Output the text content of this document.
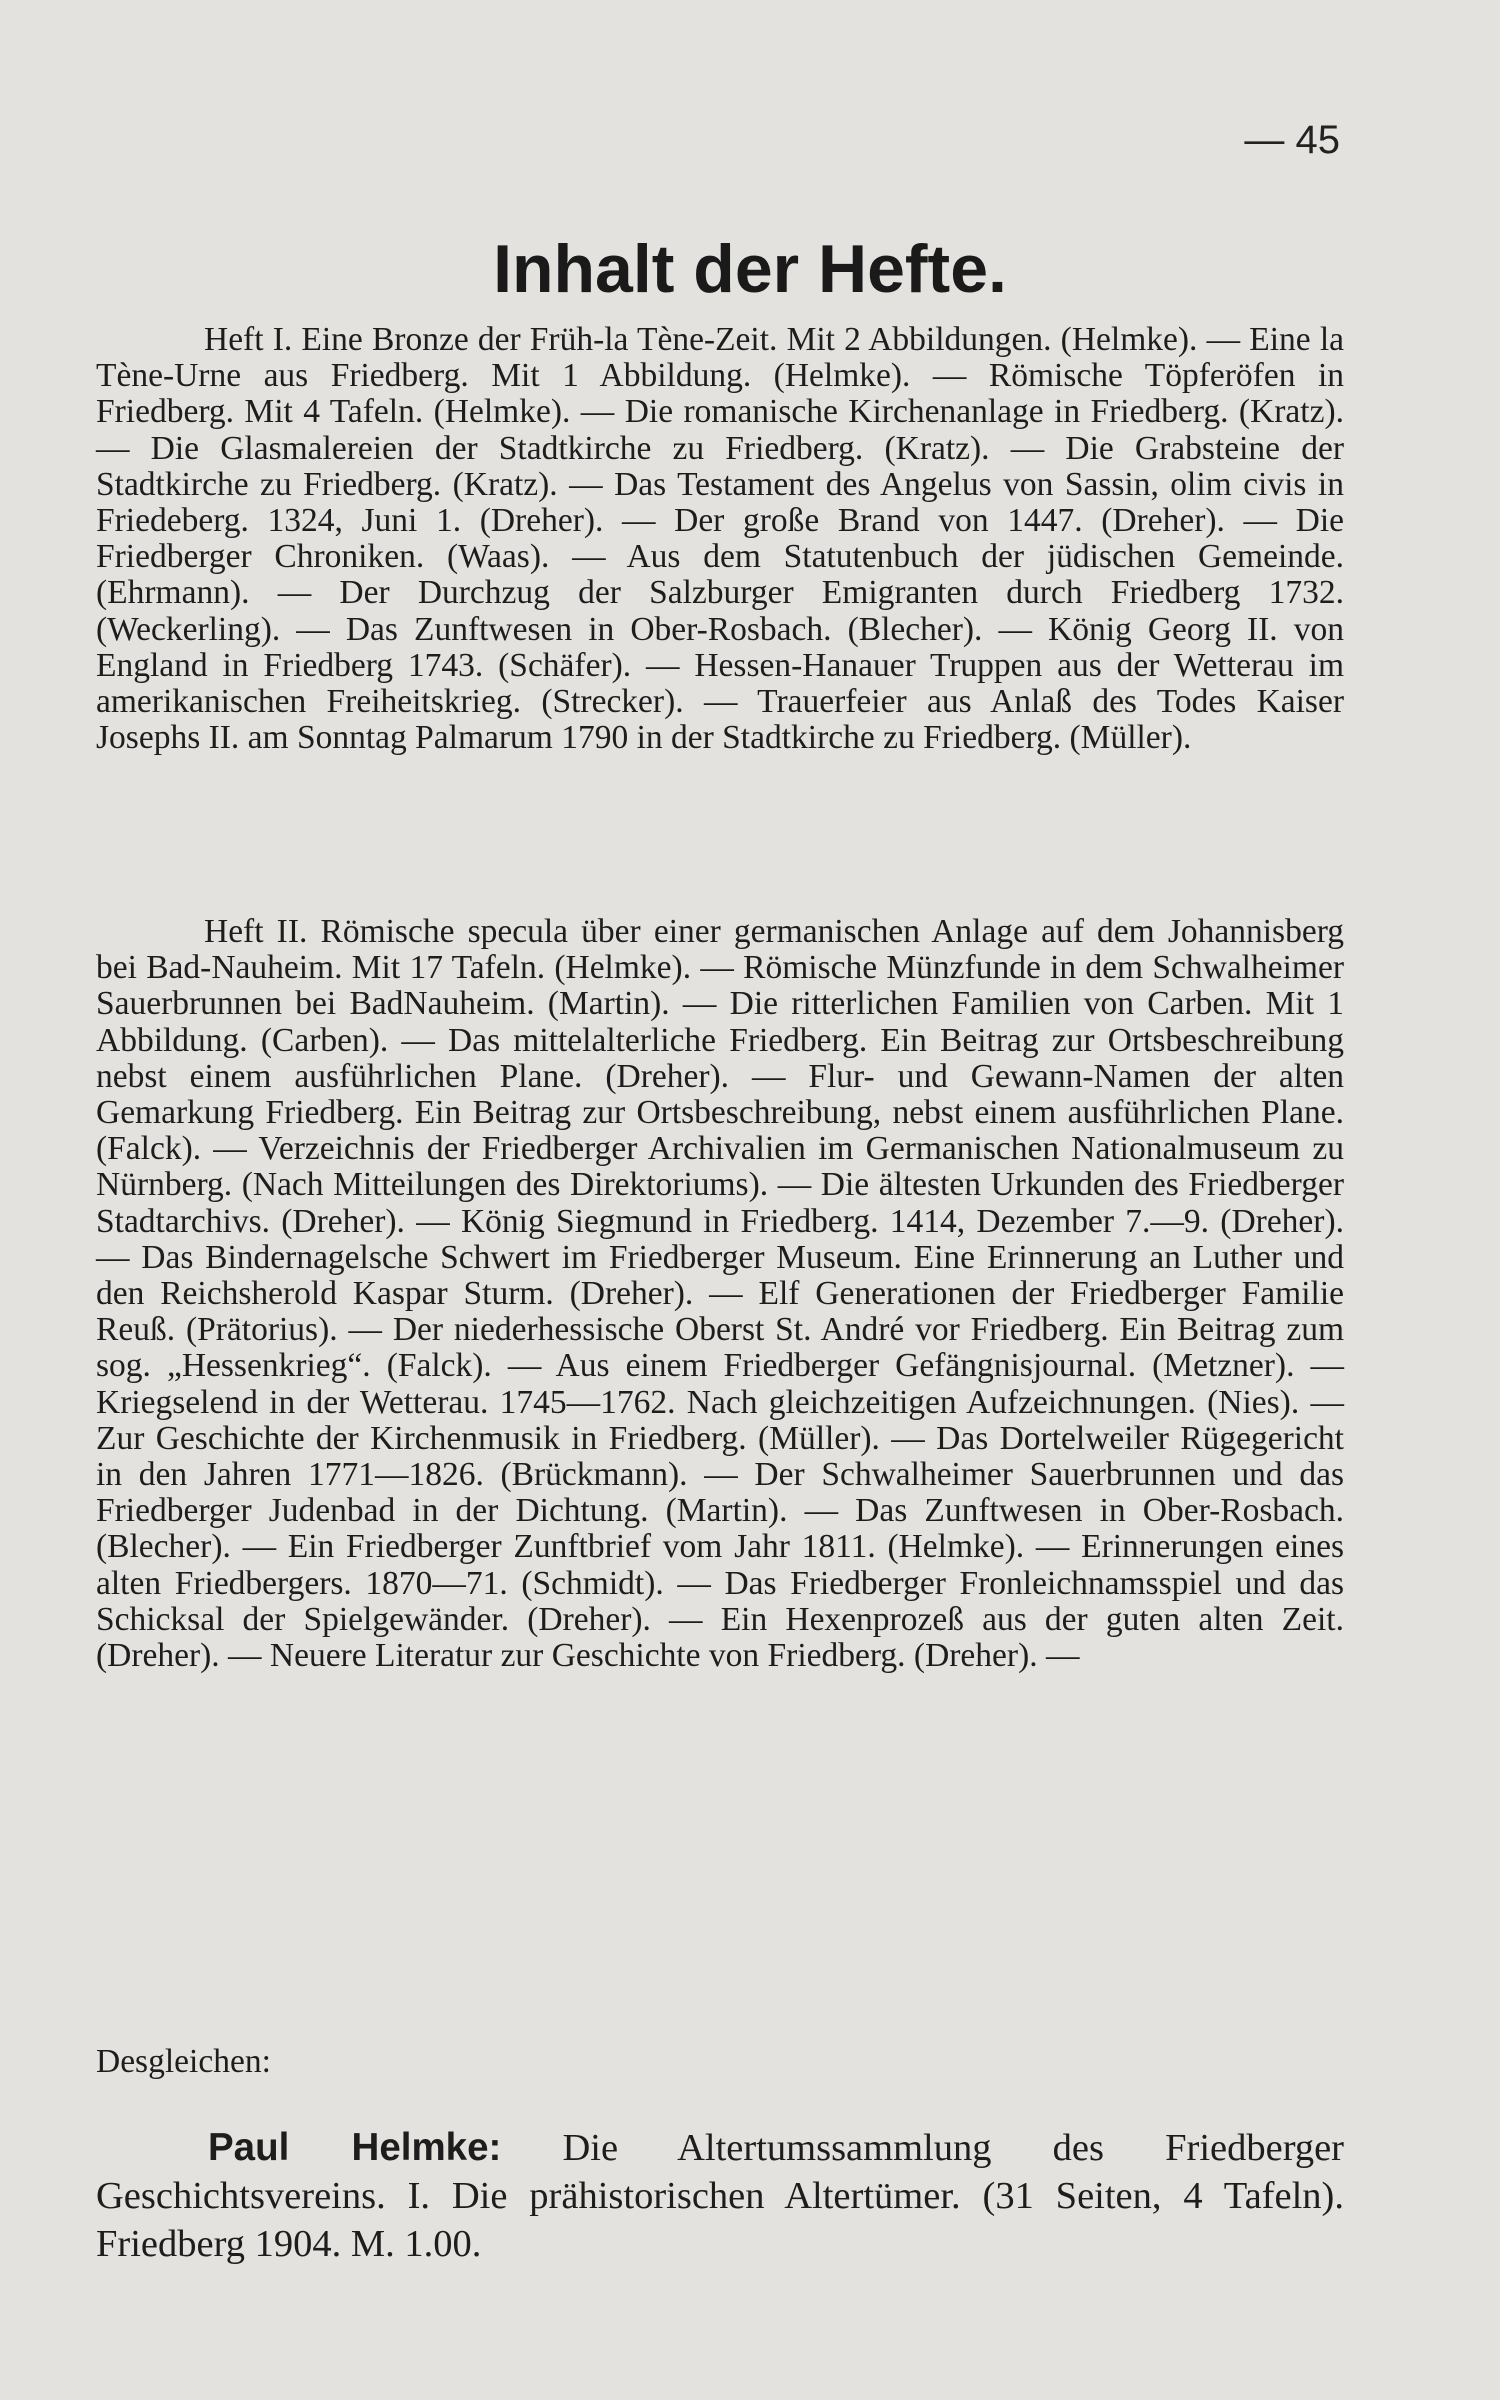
— 45
Inhalt der Hefte.

Heft I. Eine Bronze der Früh-la Tène-Zeit. Mit 2 Abbildungen. (Helmke). — Eine la Tène-Urne aus Friedberg. Mit 1 Abbildung. (Helmke). — Römische Töpferöfen in Friedberg. Mit 4 Tafeln. (Helmke). — Die romanische Kirchenanlage in Friedberg. (Kratz). — Die Glasmalereien der Stadtkirche zu Friedberg. (Kratz). — Die Grabsteine der Stadtkirche zu Friedberg. (Kratz). — Das Testament des Angelus von Sassin, olim civis in Friedeberg. 1324, Juni 1. (Dreher). — Der große Brand von 1447. (Dreher). — Die Friedberger Chroniken. (Waas). — Aus dem Statutenbuch der jüdischen Gemeinde. (Ehrmann). — Der Durchzug der Salzburger Emigranten durch Friedberg 1732. (Weckerling). — Das Zunftwesen in Ober-Rosbach. (Blecher). — König Georg II. von England in Friedberg 1743. (Schäfer). — Hessen-Hanauer Truppen aus der Wetterau im amerikanischen Freiheitskrieg. (Strecker). — Trauerfeier aus Anlaß des Todes Kaiser Josephs II. am Sonntag Palmarum 1790 in der Stadtkirche zu Friedberg. (Müller).

Heft II. Römische specula über einer germanischen Anlage auf dem Johannisberg bei Bad-Nauheim. Mit 17 Tafeln. (Helmke). — Römische Münzfunde in dem Schwalheimer Sauerbrunnen bei BadNauheim. (Martin). — Die ritterlichen Familien von Carben. Mit 1 Abbildung. (Carben). — Das mittelalterliche Friedberg. Ein Beitrag zur Ortsbeschreibung nebst einem ausführlichen Plane. (Dreher). — Flur- und Gewann-Namen der alten Gemarkung Friedberg. Ein Beitrag zur Ortsbeschreibung, nebst einem ausführlichen Plane. (Falck). — Verzeichnis der Friedberger Archivalien im Germanischen Nationalmuseum zu Nürnberg. (Nach Mitteilungen des Direktoriums). — Die ältesten Urkunden des Friedberger Stadtarchivs. (Dreher). — König Siegmund in Friedberg. 1414, Dezember 7.—9. (Dreher). — Das Bindernagelsche Schwert im Friedberger Museum. Eine Erinnerung an Luther und den Reichsherold Kaspar Sturm. (Dreher). — Elf Generationen der Friedberger Familie Reuß. (Prätorius). — Der niederhessische Oberst St. André vor Friedberg. Ein Beitrag zum sog. „Hessenkrieg“. (Falck). — Aus einem Friedberger Gefängnisjournal. (Metzner). — Kriegselend in der Wetterau. 1745—1762. Nach gleichzeitigen Aufzeichnungen. (Nies). — Zur Geschichte der Kirchenmusik in Friedberg. (Müller). — Das Dortelweiler Rügegericht in den Jahren 1771—1826. (Brückmann). — Der Schwalheimer Sauerbrunnen und das Friedberger Judenbad in der Dichtung. (Martin). — Das Zunftwesen in Ober-Rosbach. (Blecher). — Ein Friedberger Zunftbrief vom Jahr 1811. (Helmke). — Erinnerungen eines alten Friedbergers. 1870—71. (Schmidt). — Das Friedberger Fronleichnamsspiel und das Schicksal der Spielgewänder. (Dreher). — Ein Hexenprozeß aus der guten alten Zeit. (Dreher). — Neuere Literatur zur Geschichte von Friedberg. (Dreher). —

Desgleichen:

Paul Helmke: Die Altertumssammlung des Friedberger Geschichtsvereins. I. Die prähistorischen Altertümer. (31 Seiten, 4 Tafeln). Friedberg 1904. M. 1.00.
